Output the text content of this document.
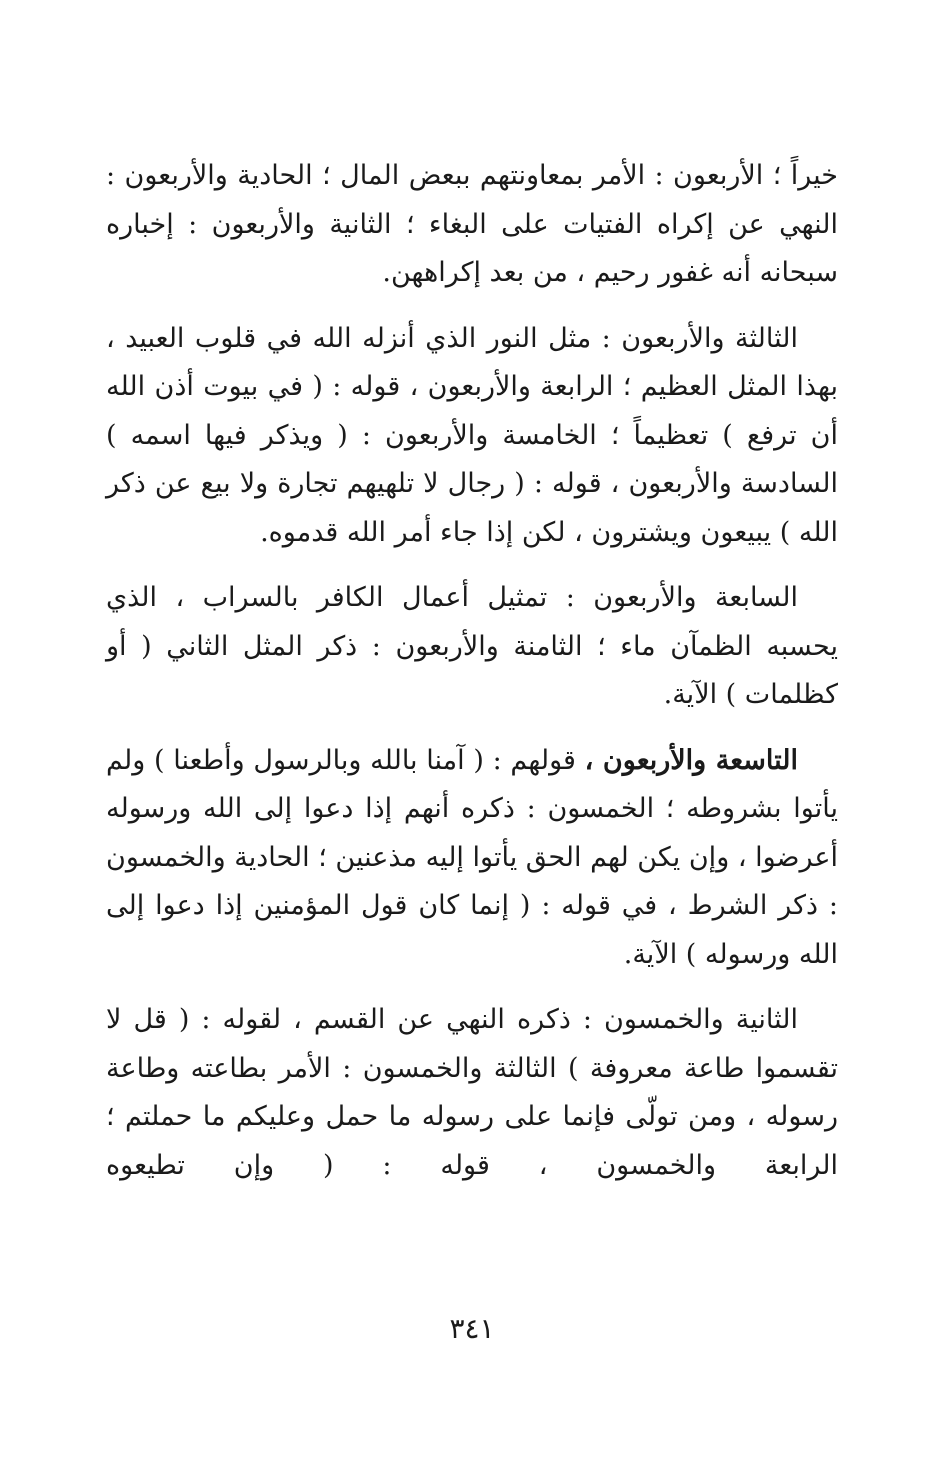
خيراً ؛ الأربعون : الأمر بمعاونتهم ببعض المال ؛ الحادية والأربعون : النهي عن إكراه الفتيات على البغاء ؛ الثانية والأربعون : إخباره سبحانه أنه غفور رحيم ، من بعد إكراههن.

الثالثة والأربعون : مثل النور الذي أنزله الله في قلوب العبيد ، بهذا المثل العظيم ؛ الرابعة والأربعون ، قوله : ( في بيوت أذن الله أن ترفع ) تعظيماً ؛ الخامسة والأربعون : ( ويذكر فيها اسمه ) السادسة والأربعون ، قوله : ( رجال لا تلهيهم تجارة ولا بيع عن ذكر الله ) يبيعون ويشترون ، لكن إذا جاء أمر الله قدموه.

السابعة والأربعون : تمثيل أعمال الكافر بالسراب ، الذي يحسبه الظمآن ماء ؛ الثامنة والأربعون : ذكر المثل الثاني ( أو كظلمات ) الآية.

التاسعة والأربعون ، قولهم : ( آمنا بالله وبالرسول وأطعنا ) ولم يأتوا بشروطه ؛ الخمسون : ذكره أنهم إذا دعوا إلى الله ورسوله أعرضوا ، وإن يكن لهم الحق يأتوا إليه مذعنين ؛ الحادية والخمسون : ذكر الشرط ، في قوله : ( إنما كان قول المؤمنين إذا دعوا إلى الله ورسوله ) الآية.

الثانية والخمسون : ذكره النهي عن القسم ، لقوله : ( قل لا تقسموا طاعة معروفة ) الثالثة والخمسون : الأمر بطاعته وطاعة رسوله ، ومن تولّى فإنما على رسوله ما حمل وعليكم ما حملتم ؛ الرابعة والخمسون ، قوله : ( وإن تطيعوه

٣٤١
